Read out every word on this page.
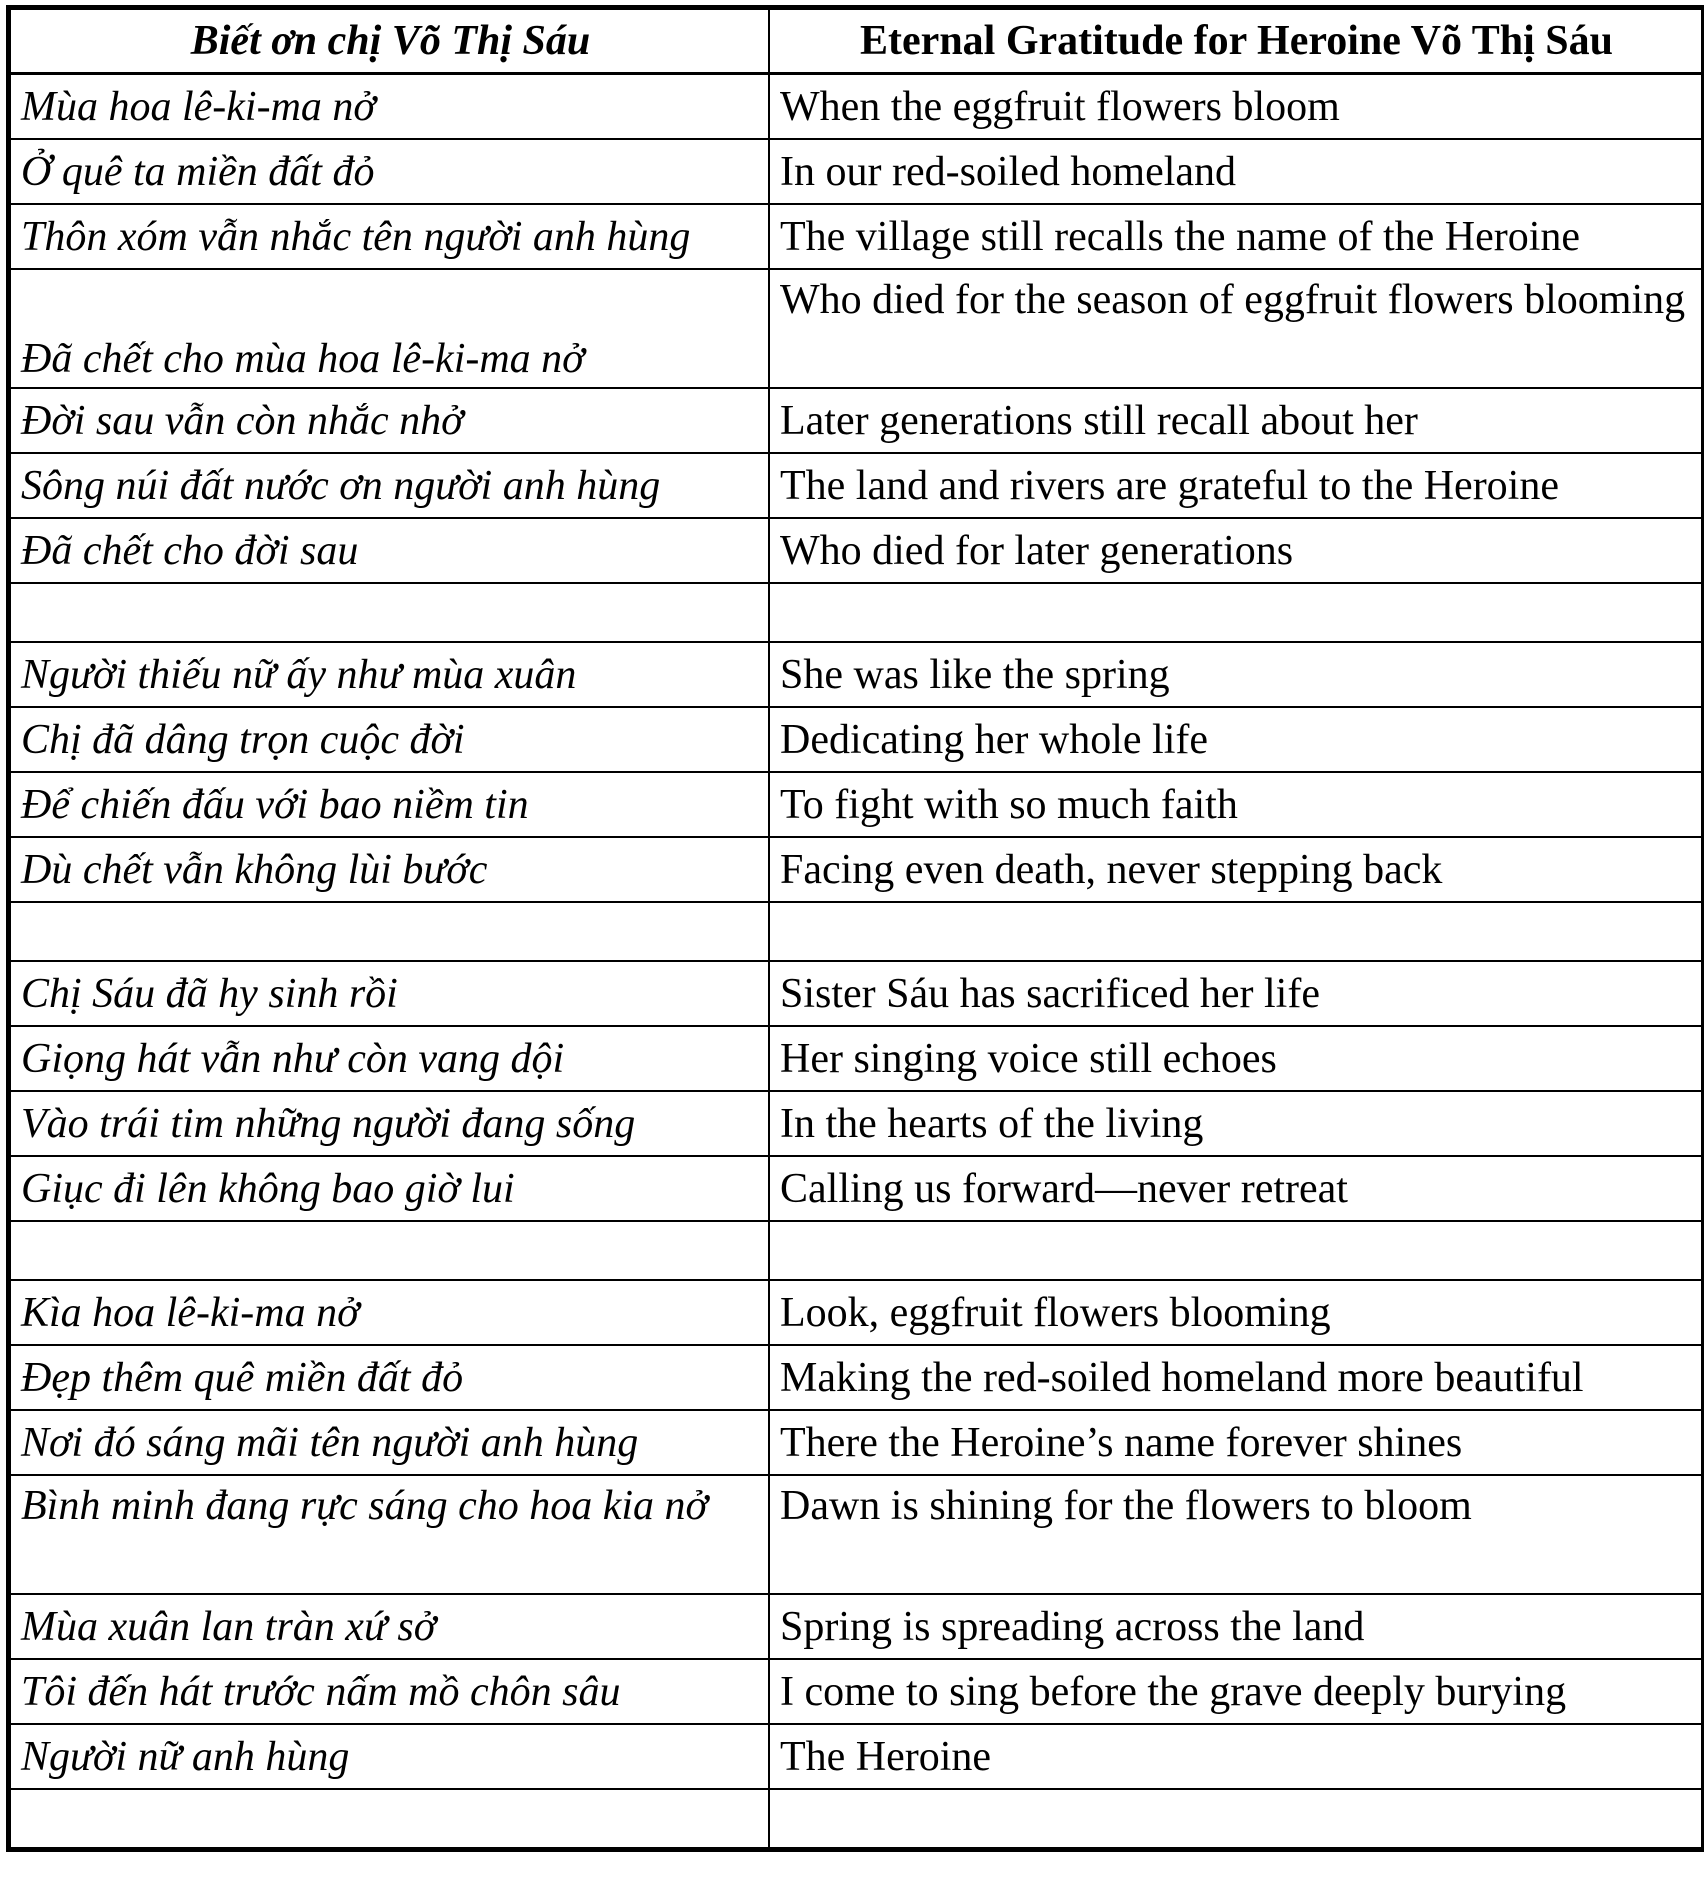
Biết ơn chị Võ Thị Sáu	Eternal Gratitude for Heroine Võ Thị Sáu
Mùa hoa lê-ki-ma nở	When the eggfruit flowers bloom
Ở quê ta miền đất đỏ	In our red-soiled homeland
Thôn xóm vẫn nhắc tên người anh hùng	The village still recalls the name of the Heroine
Đã chết cho mùa hoa lê-ki-ma nở	Who died for the season of eggfruit flowers blooming
Đời sau vẫn còn nhắc nhở	Later generations still recall about her
Sông núi đất nước ơn người anh hùng	The land and rivers are grateful to the Heroine
Đã chết cho đời sau	Who died for later generations

Người thiếu nữ ấy như mùa xuân	She was like the spring
Chị đã dâng trọn cuộc đời	Dedicating her whole life
Để chiến đấu với bao niềm tin	To fight with so much faith
Dù chết vẫn không lùi bước	Facing even death, never stepping back

Chị Sáu đã hy sinh rồi	Sister Sáu has sacrificed her life
Giọng hát vẫn như còn vang dội	Her singing voice still echoes
Vào trái tim những người đang sống	In the hearts of the living
Giục đi lên không bao giờ lui	Calling us forward—never retreat

Kìa hoa lê-ki-ma nở	Look, eggfruit flowers blooming
Đẹp thêm quê miền đất đỏ	Making the red-soiled homeland more beautiful
Nơi đó sáng mãi tên người anh hùng	There the Heroine’s name forever shines
Bình minh đang rực sáng cho hoa kia nở	Dawn is shining for the flowers to bloom
Mùa xuân lan tràn xứ sở	Spring is spreading across the land
Tôi đến hát trước nấm mồ chôn sâu	I come to sing before the grave deeply burying
Người nữ anh hùng	The Heroine
